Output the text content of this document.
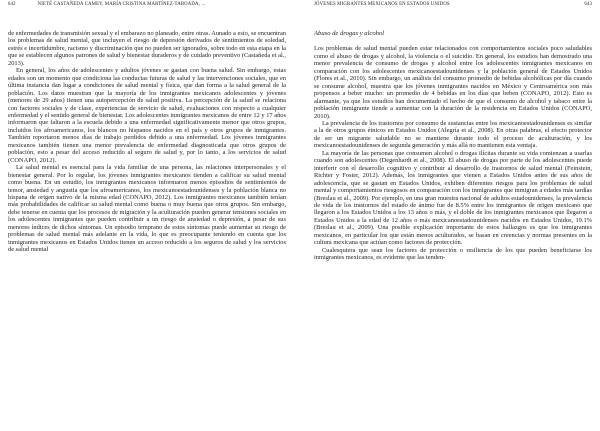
642	NIETÉ CASTAÑEDA CAMEY, MARÍA CRISTINA MARTÍNEZ-TABOADA, ...

de enfermedades de transmisión sexual y el embarazo no planeado, entre otras. Aunado a esto, se encuentran los problemas de salud mental, que incluyen el riesgo de depresión derivados de sentimientos de soledad, estrés e incertidumbre, racismo y discriminación que no pueden ser ignorados, sobre todo en esta etapa en la que se establecen algunos patrones de salud y bienestar duraderos y de cuidado preventivo (Castañeda et al., 2013).

En general, los años de adolescentes y adultos jóvenes se gastan con buena salud. Sin embargo, estas edades son un momento que condiciona las conductas futuras de salud y las intervenciones sociales, que en última instancia dan lugar a condiciones de salud mental y física, que dan forma a la salud general de la población. Los datos muestran que la mayoría de los inmigrantes mexicanos adolescentes y jóvenes (menores de 29 años) tienen una autopercepción de salud positiva. La percepción de la salud se relaciona con factores sociales y de clase, experiencias de servicio de salud, evaluaciones con respecto a cualquier enfermedad y el sentido general de bienestar. Los adolescentes inmigrantes mexicanos de entre 12 y 17 años informaron que faltaron a la escuela debido a una enfermedad significativamente menor que otros grupos, incluidos los afroamericanos, los blancos no hispanos nacidos en el país y otros grupos de inmigrantes. También reportaron menos días de trabajo perdidos debido a una enfermedad. Los jóvenes inmigrantes mexicanos también tienen una menor prevalencia de enfermedad diagnosticada que otros grupos de población, esto a pesar del acceso reducido al seguro de salud y, por lo tanto, a los servicios de salud (CONAPO, 2012).

La salud mental es esencial para la vida familiar de una persona, las relaciones interpersonales y el bienestar general. Por lo regular, los jóvenes inmigrantes mexicanos tienden a calificar su salud mental como buena. En un estudio, los inmigrantes mexicanos informaron menos episodios de sentimientos de temor, ansiedad y angustia que los afroamericanos, los mexicanoestadounidenses y la población blanca no hispana de origen nativo de la misma edad (CONAPO, 2012). Los inmigrantes mexicanos también tenían más probabilidades de calificar su salud mental como buena o muy buena que otros grupos. Sin embargo, debe tenerse en cuenta que los procesos de migración y la aculturación pueden generar tensiones sociales en los adolescentes inmigrantes que pueden contribuir a un riesgo de ansiedad o depresión, a pesar de sus menores índices de dichos síntomas. Un episodio temprano de estos síntomas puede aumentar su riesgo de problemas de salud mental más adelante en la vida, lo que es preocupante teniendo en cuenta que los inmigrantes mexicanos en Estados Unidos tienen un acceso reducido a los seguros de salud y los servicios de salud mental

JÓVENES MIGRANTES MEXICANOS EN ESTADOS UNIDOS	643
Abuso de drogas y alcohol

Los problemas de salud mental pueden estar relacionados con comportamientos sociales poco saludables como el abuso de drogas y alcohol, la violencia o el suicidio. En general, los estudios han demostrado una menor prevalencia de consumo de drogas y alcohol entre los adolescentes inmigrantes mexicanos en comparación con los adolescentes mexicanoestadounidenses y la población general de Estados Unidos (Flores et al., 2010). Sin embargo, un análisis del consumo promedio de bebidas alcohólicas por día cuando se consume alcohol, muestra que los jóvenes inmigrantes nacidos en México y Centroamérica son más propensos a beber mucho: un promedio de 4 bebidas en los días que beben (CONAPO, 2012). Esto es alarmante, ya que los estudios han documentado el hecho de que el consumo de alcohol y tabaco entre la población inmigrante tiende a aumentar con la duración de la residencia en Estados Unidos (CONAPO, 2010).

La prevalencia de los trastornos por consumo de sustancias entre los mexicanoestadounidenses es similar a la de otros grupos étnicos en Estados Unidos (Alegría et al., 2008). En otras palabras, el efecto protector de ser un migrante saludable no se mantiene durante todo el proceso de aculturación, y los mexicanoestadounidenses de segunda generación y más allá no mantienen esta ventaja.

La mayoría de las personas que consumen alcohol o drogas ilícitas durante su vida comienzan a usarlas cuando son adolescentes (Degenhardt et al., 2008). El abuso de drogas por parte de los adolescentes puede interferir con el desarrollo cognitivo y contribuir al desarrollo de trastornos de salud mental (Feinstein, Richter y Foster, 2012). Además, los inmigrantes que vienen a Estados Unidos antes de sus años de adolescencia, que se gastan en Estados Unidos, exhiben diferentes riesgos para los problemas de salud mental y comportamientos riesgosos en comparación con los inmigrantes que inmigran a edades más tardías (Breslau et al., 2009). Por ejemplo, en una gran muestra nacional de adultos estadounidenses, la prevalencia de vida de los trastornos del estado de ánimo fue de 8.5% entre los inmigrantes de origen mexicano que llegaron a los Estados Unidos a los 13 años o más, y el doble de los inmigrantes mexicanos que llegaron a Estados Unidos a la edad de 12 años o más mexicanoestadounidenses nacidos en Estados Unidos, 19.1% (Breslau et al., 2009). Una posible explicación importante de estos hallazgos es que los inmigrantes mexicanos, en particular los que están menos aculturados, se basan en creencias y normas presentes en la cultura mexicana que actúan como factores de protección.

Cualesquiera que sean los factores de protección o resiliencia de los que pueden beneficiarse los inmigrantes mexicanos, es evidente que las tenden-
